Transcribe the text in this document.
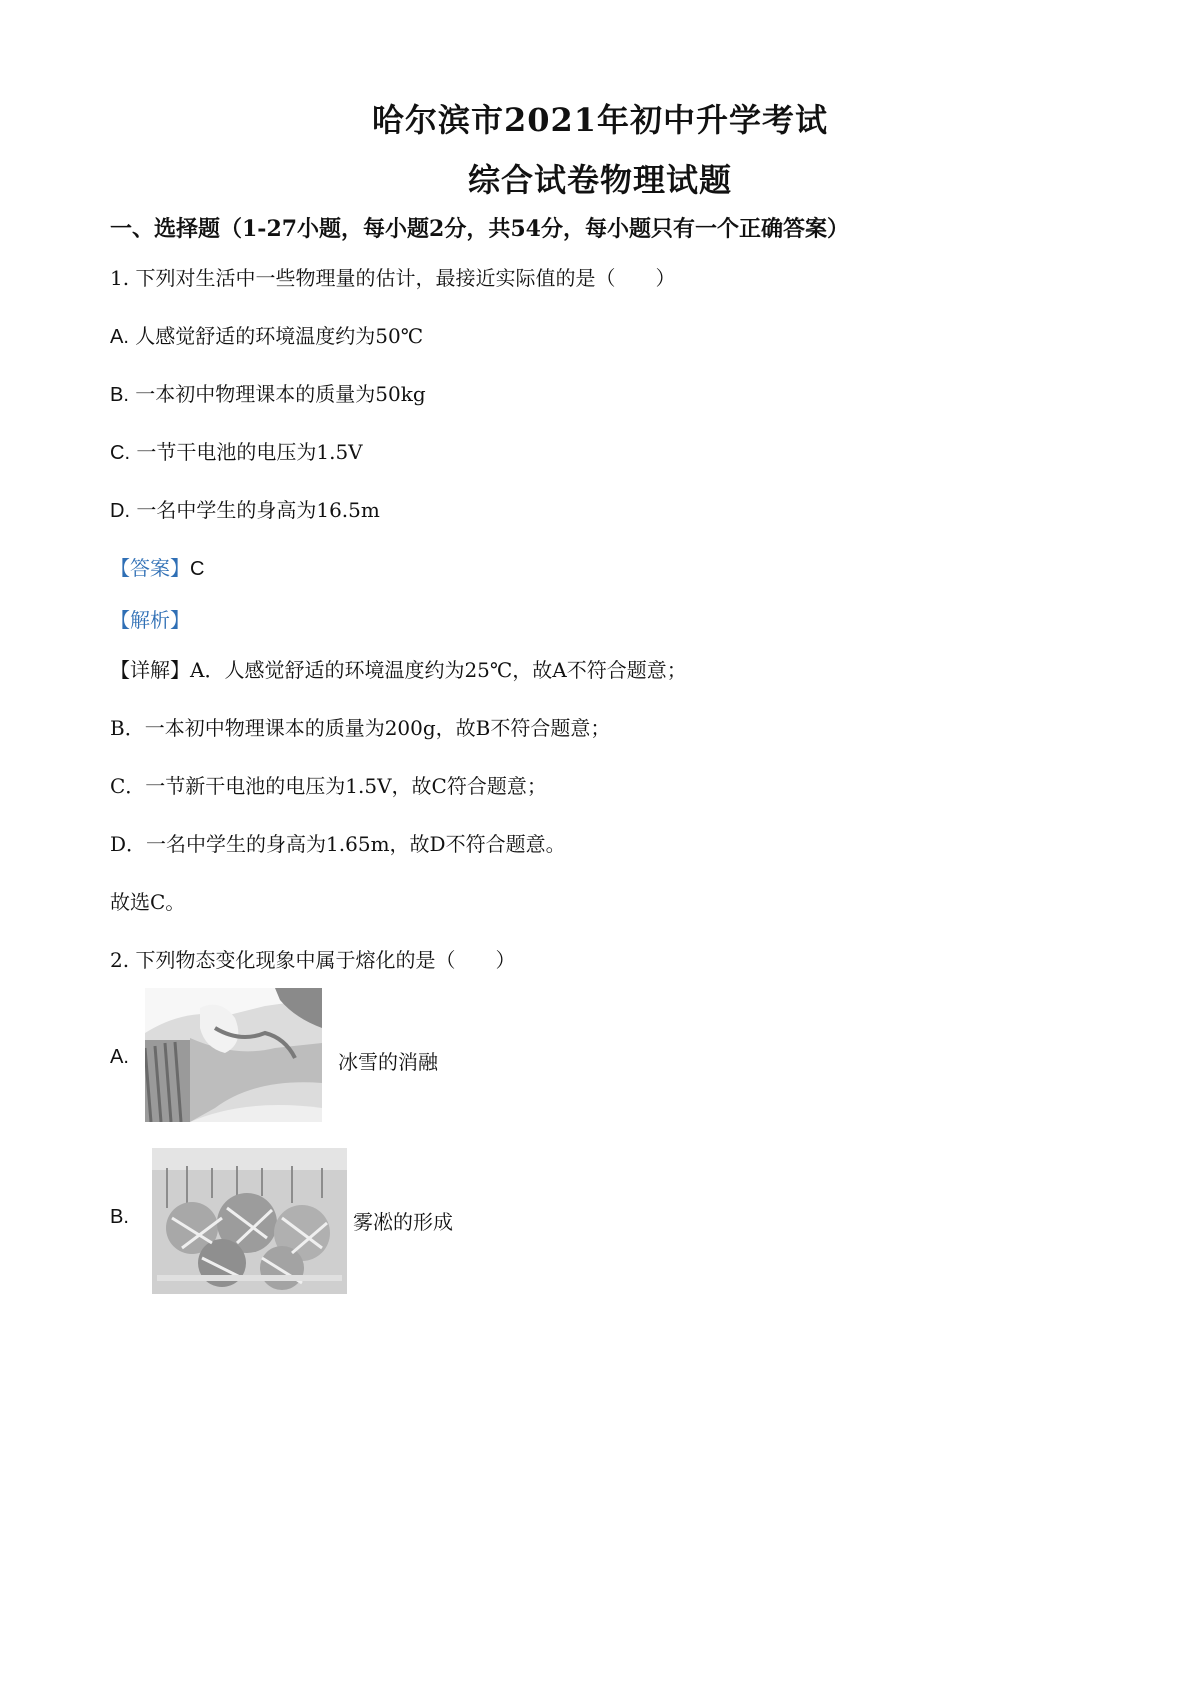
哈尔滨市2021年初中升学考试
综合试卷物理试题
一、选择题（1-27小题，每小题2分，共54分，每小题只有一个正确答案）
1. 下列对生活中一些物理量的估计，最接近实际值的是（　　）
A. 人感觉舒适的环境温度约为50℃
B. 一本初中物理课本的质量为50kg
C. 一节干电池的电压为1.5V
D. 一名中学生的身高为16.5m
【答案】C
【解析】
【详解】A．人感觉舒适的环境温度约为25℃，故A不符合题意；
B．一本初中物理课本的质量为200g，故B不符合题意；
C．一节新干电池的电压为1.5V，故C符合题意；
D．一名中学生的身高为1.65m，故D不符合题意。
故选C。
2. 下列物态变化现象中属于熔化的是（　　）
A.	冰雪的消融
B.	雾凇的形成
